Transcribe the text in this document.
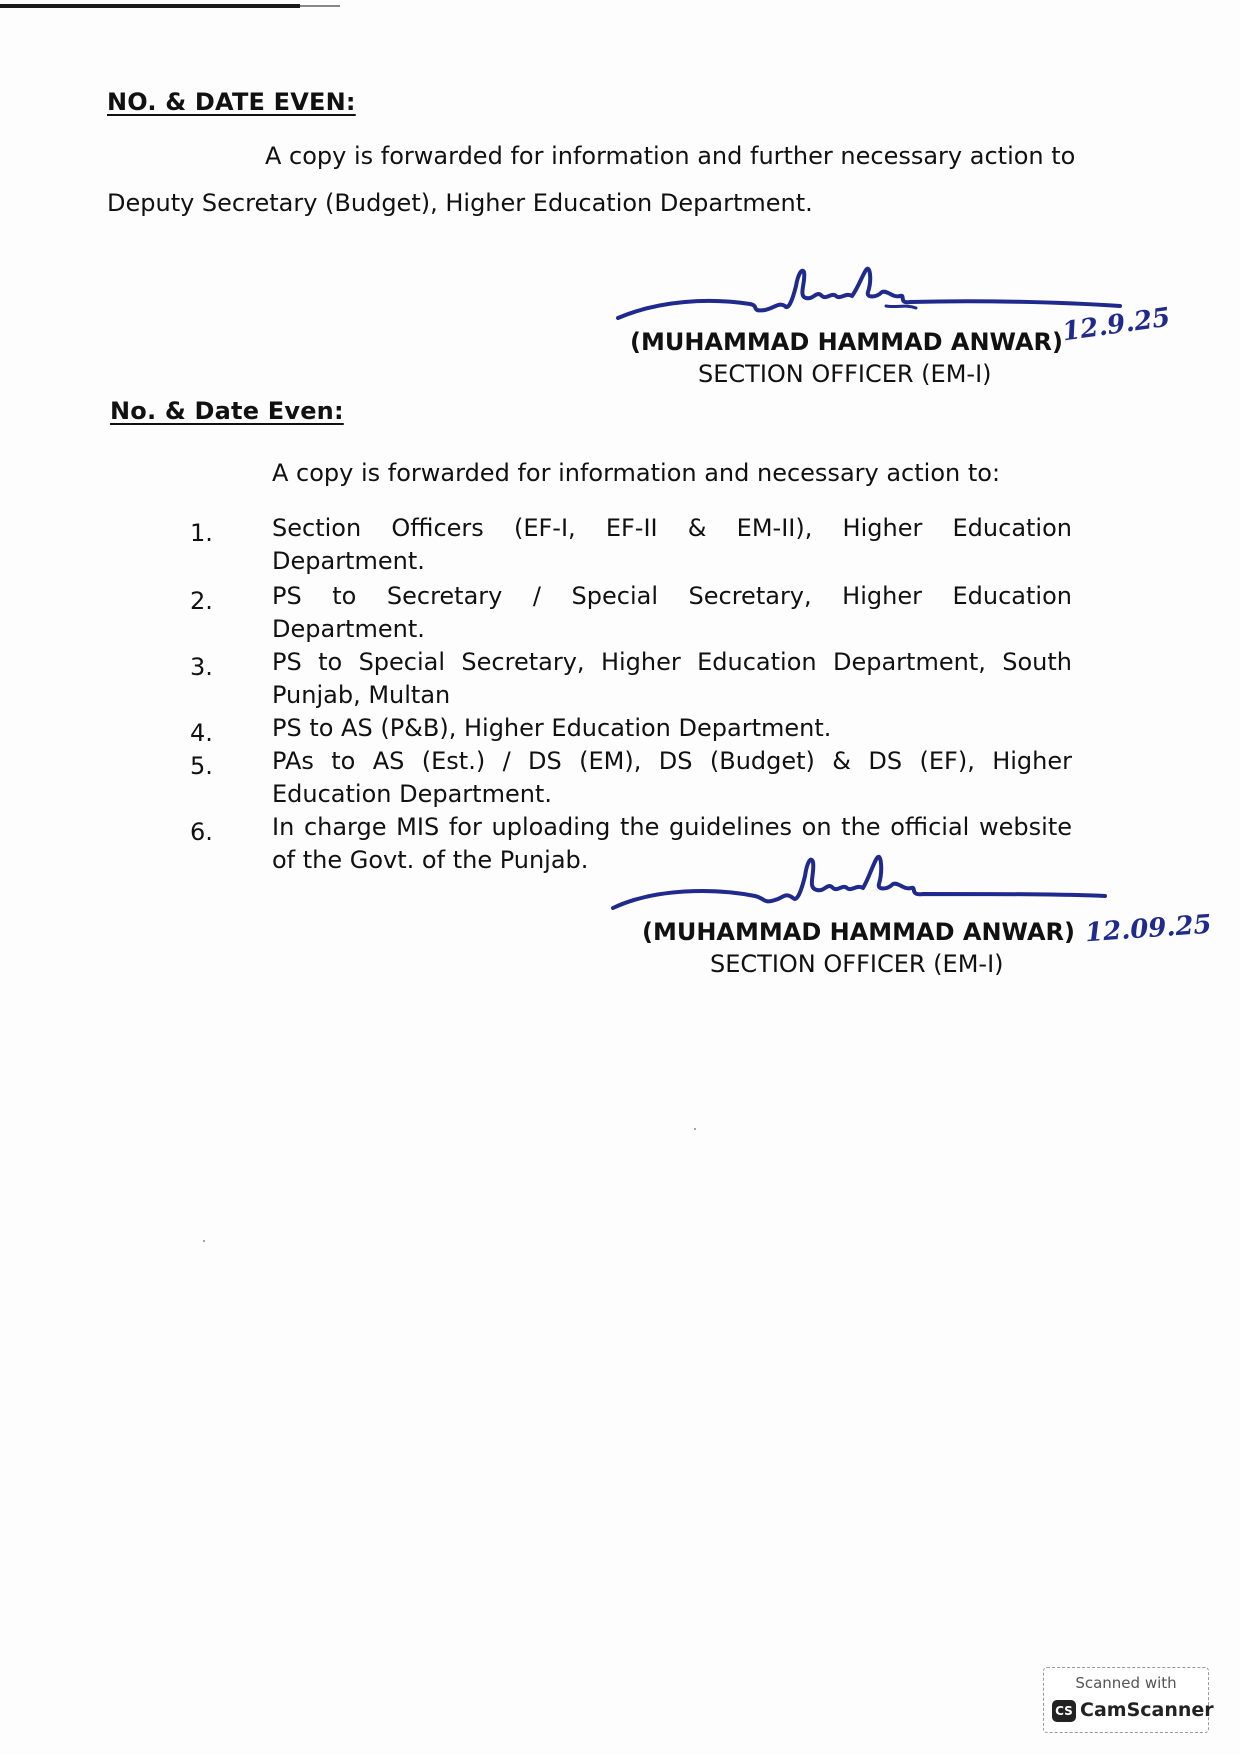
NO. & DATE EVEN:
A copy is forwarded for information and further necessary action to
Deputy Secretary (Budget), Higher Education Department.
(MUHAMMAD HAMMAD ANWAR)
SECTION OFFICER (EM-I)
12.9.25
No. & Date Even:
A copy is forwarded for information and necessary action to:
1.	Section Officers (EF-I, EF-II & EM-II), Higher Education Department.
2.	PS to Secretary / Special Secretary, Higher Education Department.
3.	PS to Special Secretary, Higher Education Department, South Punjab, Multan
4.	PS to AS (P&B), Higher Education Department.
5.	PAs to AS (Est.) / DS (EM), DS (Budget) & DS (EF), Higher Education Department.
6.	In charge MIS for uploading the guidelines on the official website of the Govt. of the Punjab.
(MUHAMMAD HAMMAD ANWAR)
SECTION OFFICER (EM-I)
12.09.25
Scanned with
CS CamScanner
